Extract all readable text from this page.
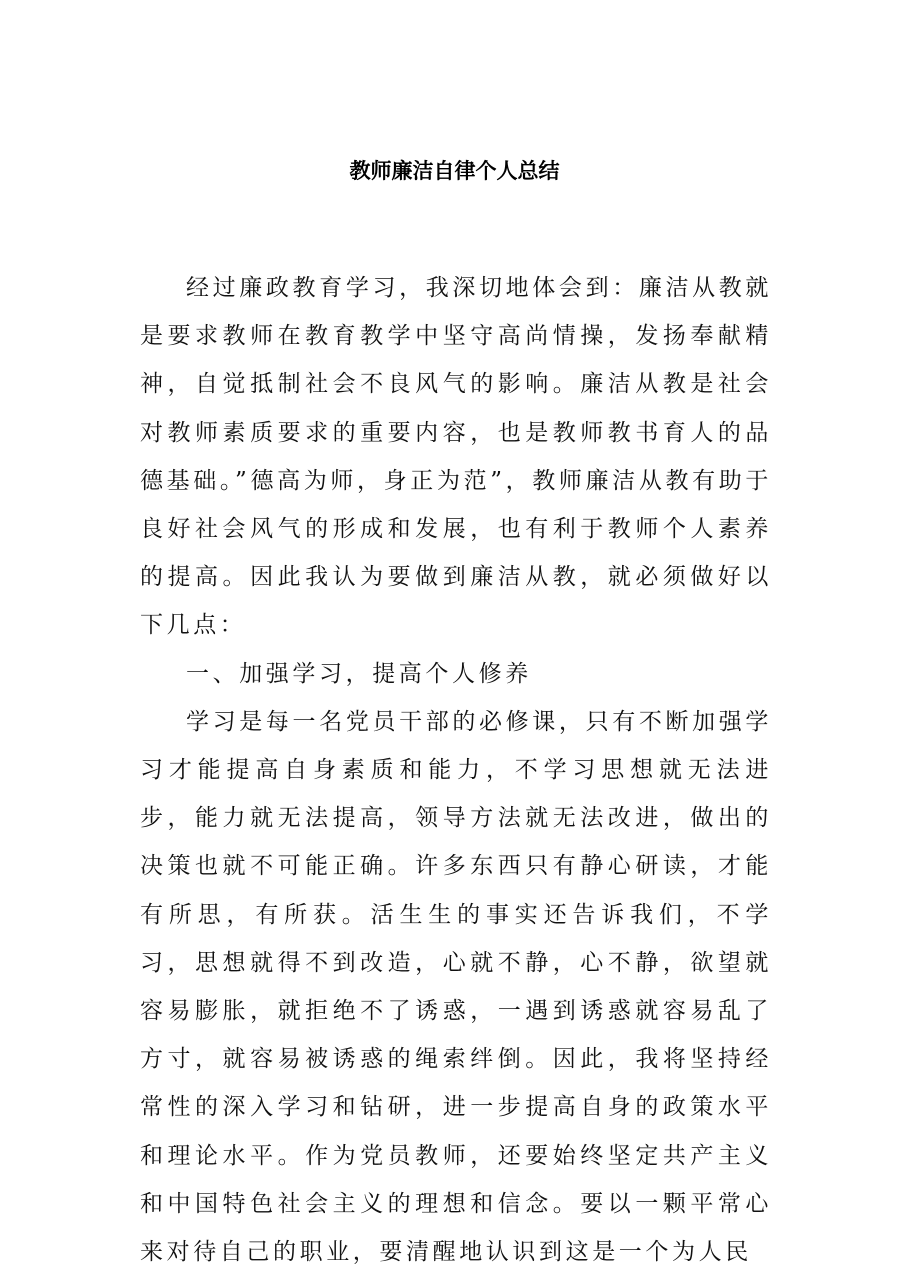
教师廉洁自律个人总结

经过廉政教育学习，我深切地体会到：廉洁从教就是要求教师在教育教学中坚守高尚情操，发扬奉献精神，自觉抵制社会不良风气的影响。廉洁从教是社会对教师素质要求的重要内容，也是教师教书育人的品德基础。”德高为师，身正为范”，教师廉洁从教有助于良好社会风气的形成和发展，也有利于教师个人素养的提高。因此我认为要做到廉洁从教，就必须做好以下几点：

一、加强学习，提高个人修养

学习是每一名党员干部的必修课，只有不断加强学习才能提高自身素质和能力，不学习思想就无法进步，能力就无法提高，领导方法就无法改进，做出的决策也就不可能正确。许多东西只有静心研读，才能有所思，有所获。活生生的事实还告诉我们，不学习，思想就得不到改造，心就不静，心不静，欲望就容易膨胀，就拒绝不了诱惑，一遇到诱惑就容易乱了方寸，就容易被诱惑的绳索绊倒。因此，我将坚持经常性的深入学习和钻研，进一步提高自身的政策水平和理论水平。作为党员教师，还要始终坚定共产主义和中国特色社会主义的理想和信念。要以一颗平常心来对待自己的职业，要清醒地认识到这是一个为人民
